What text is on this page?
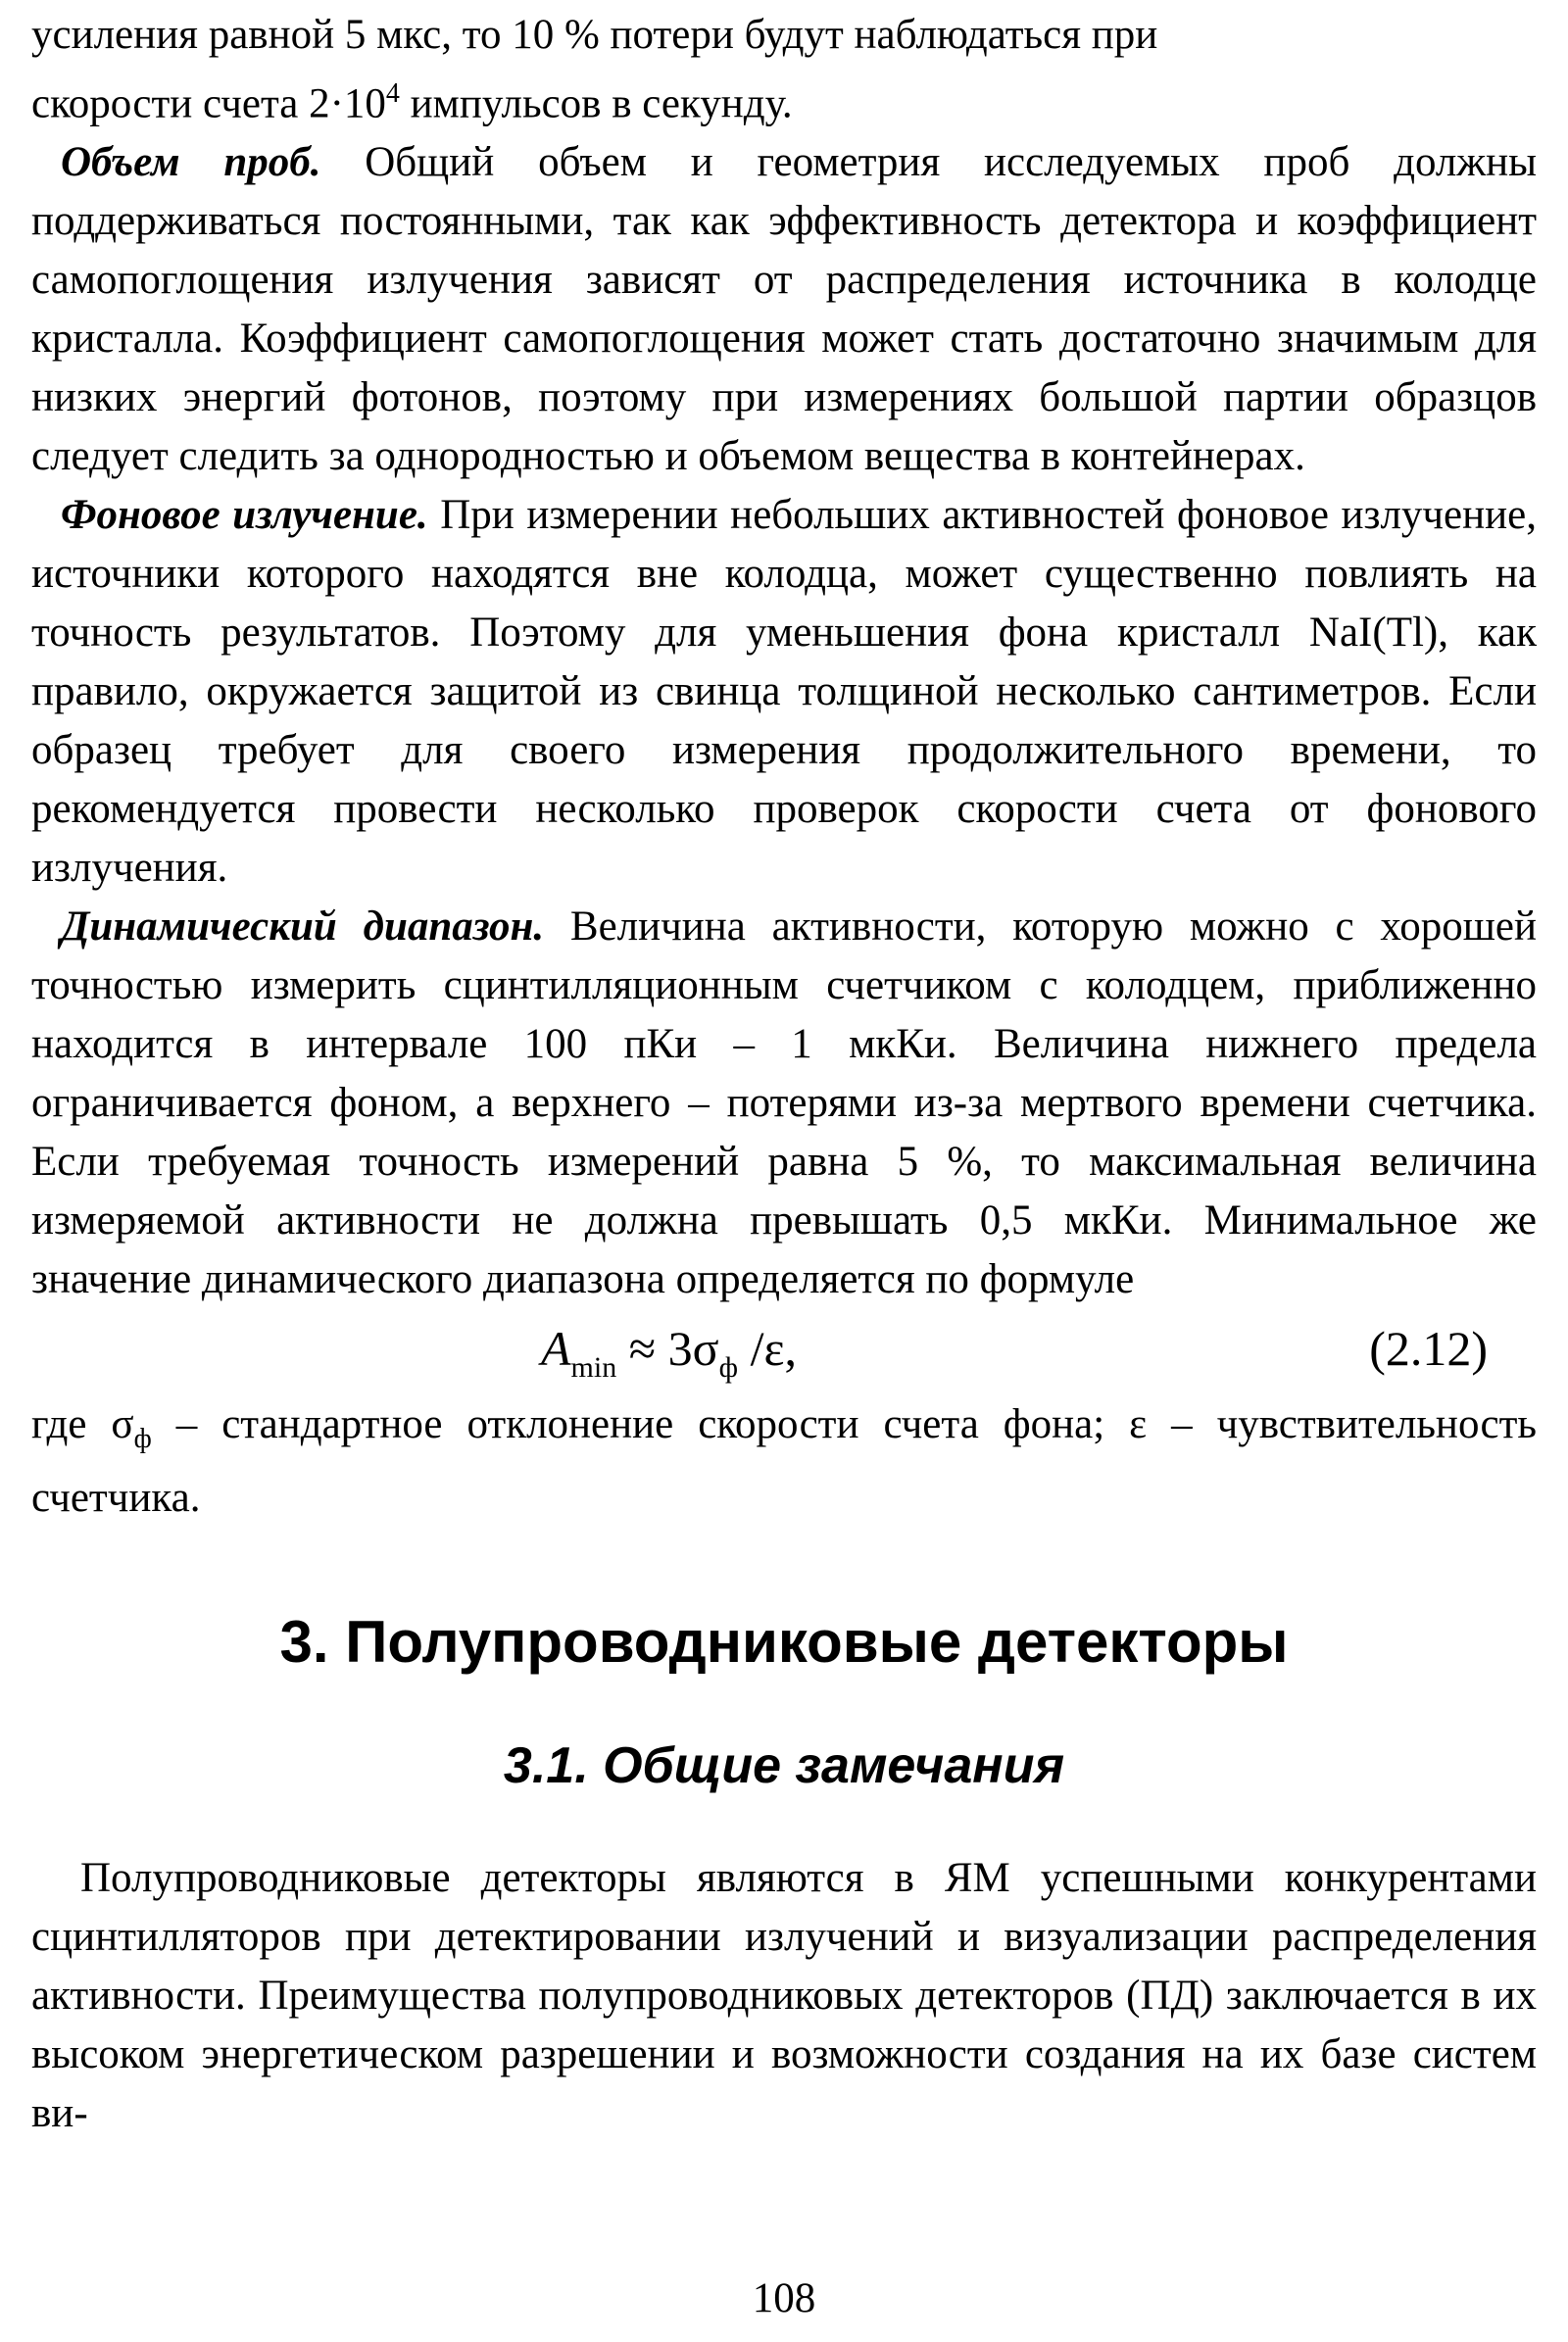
усиления равной 5 мкс, то 10 % потери будут наблюдаться при
скорости счета $2\cdot 10^4$ импульсов в секунду.

Объем проб. Общий объем и геометрия исследуемых проб должны поддерживаться постоянными, так как эффективность детектора и коэффициент самопоглощения излучения зависят от распределения источника в колодце кристалла. Коэффициент самопоглощения может стать достаточно значимым для низких энергий фотонов, поэтому при измерениях большой партии образцов следует следить за однородностью и объемом вещества в контейнерах.

Фоновое излучение. При измерении небольших активностей фоновое излучение, источники которого находятся вне колодца, может существенно повлиять на точность результатов. Поэтому для уменьшения фона кристалл NaI(Tl), как правило, окружается защитой из свинца толщиной несколько сантиметров. Если образец требует для своего измерения продолжительного времени, то рекомендуется провести несколько проверок скорости счета от фонового излучения.

Динамический диапазон. Величина активности, которую можно с хорошей точностью измерить сцинтилляционным счетчиком с колодцем, приближенно находится в интервале 100 пКи – 1 мкКи. Величина нижнего предела ограничивается фоном, а верхнего – потерями из-за мертвого времени счетчика. Если требуемая точность измерений равна 5 %, то максимальная величина измеряемой активности не должна превышать 0,5 мкКи. Минимальное же значение динамического диапазона определяется по формуле

$A_{min} \approx 3\sigma_ф$ /ε,	(2.12)

где $\sigma_ф$ – стандартное отклонение скорости счета фона; ε – чувствительность счетчика.

3. Полупроводниковые детекторы
3.1. Общие замечания

Полупроводниковые детекторы являются в ЯМ успешными конкурентами сцинтилляторов при детектировании излучений и визуализации распределения активности. Преимущества полупроводниковых детекторов (ПД) заключается в их высоком энергетическом разрешении и возможности создания на их базе систем ви-

108
